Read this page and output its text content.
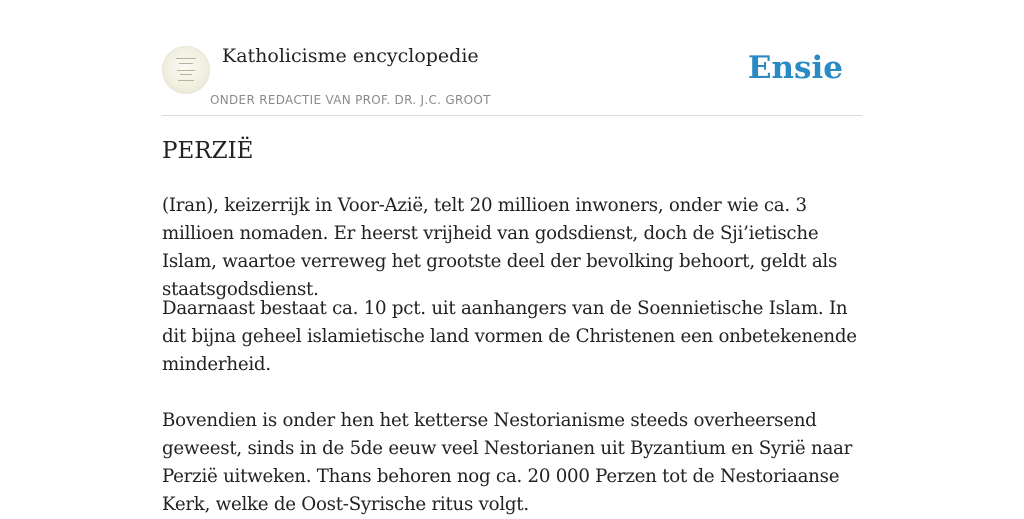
Katholicisme encyclopedie
ONDER REDACTIE VAN PROF. DR. J.C. GROOT
Ensie
PERZIË

(Iran), keizerrijk in Voor-Azië, telt 20 millioen inwoners, onder wie ca. 3 millioen nomaden. Er heerst vrijheid van godsdienst, doch de Sji’ietische Islam, waartoe verreweg het grootste deel der bevolking behoort, geldt als staatsgodsdienst.

Daarnaast bestaat ca. 10 pct. uit aanhangers van de Soennietische Islam. In dit bijna geheel islamietische land vormen de Christenen een onbetekenende minderheid.

Bovendien is onder hen het ketterse Nestorianisme steeds overheersend geweest, sinds in de 5de eeuw veel Nestorianen uit Byzantium en Syrië naar Perzië uitweken. Thans behoren nog ca. 20 000 Perzen tot de Nestoriaanse Kerk, welke de Oost-Syrische ritus volgt.
